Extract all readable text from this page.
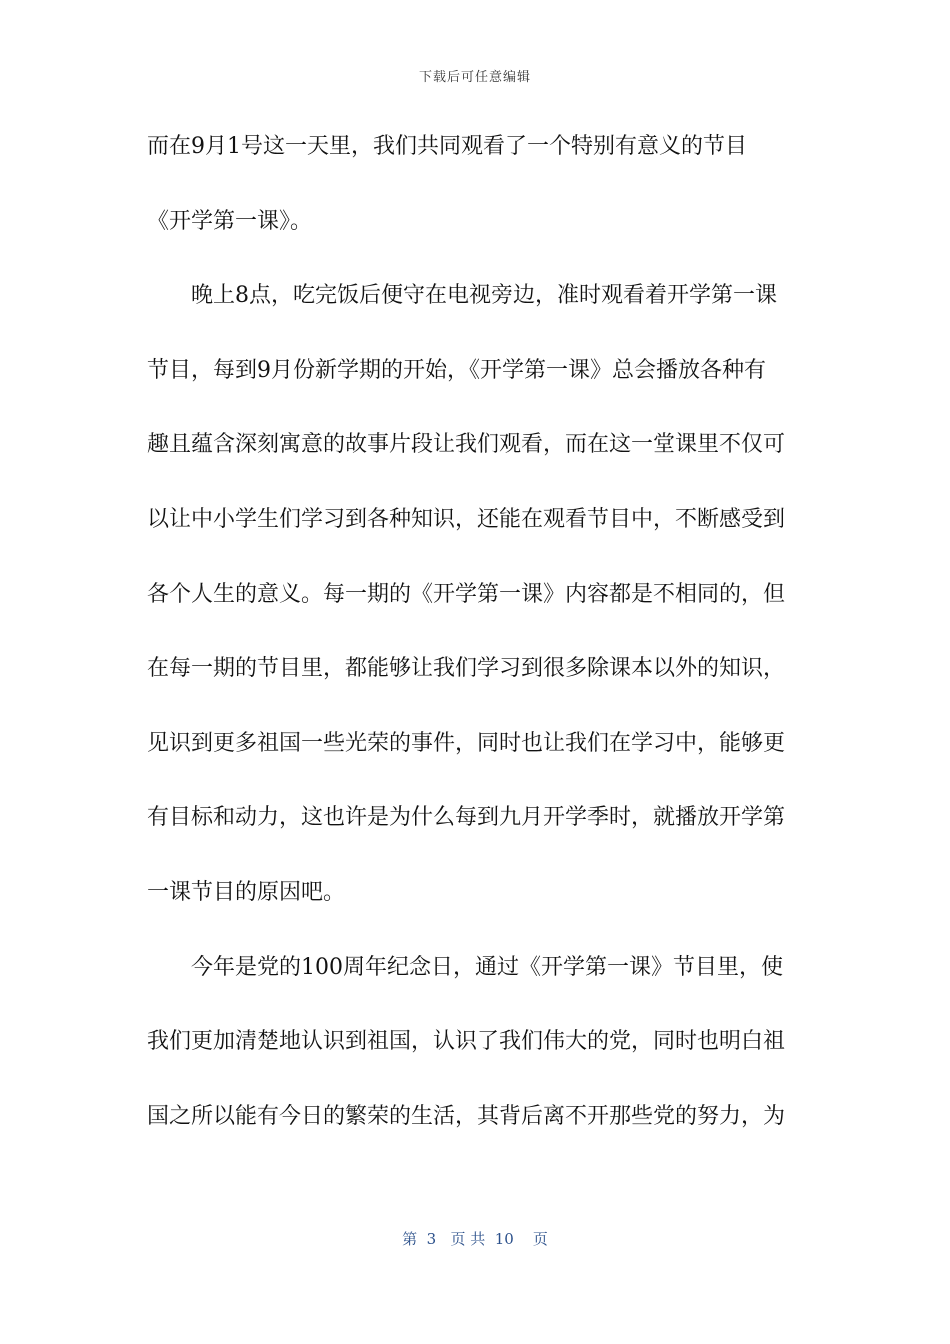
下载后可任意编辑
而在9月1号这一天里，我们共同观看了一个特别有意义的节目
《开学第一课》。
晚上8点，吃完饭后便守在电视旁边，准时观看着开学第一课
节目，每到9月份新学期的开始，《开学第一课》总会播放各种有
趣且蕴含深刻寓意的故事片段让我们观看，而在这一堂课里不仅可
以让中小学生们学习到各种知识，还能在观看节目中，不断感受到
各个人生的意义。每一期的《开学第一课》内容都是不相同的，但
在每一期的节目里，都能够让我们学习到很多除课本以外的知识，
见识到更多祖国一些光荣的事件，同时也让我们在学习中，能够更
有目标和动力，这也许是为什么每到九月开学季时，就播放开学第
一课节目的原因吧。
今年是党的100周年纪念日，通过《开学第一课》节目里，使
我们更加清楚地认识到祖国，认识了我们伟大的党，同时也明白祖
国之所以能有今日的繁荣的生活，其背后离不开那些党的努力，为
第  3   页 共  10    页
